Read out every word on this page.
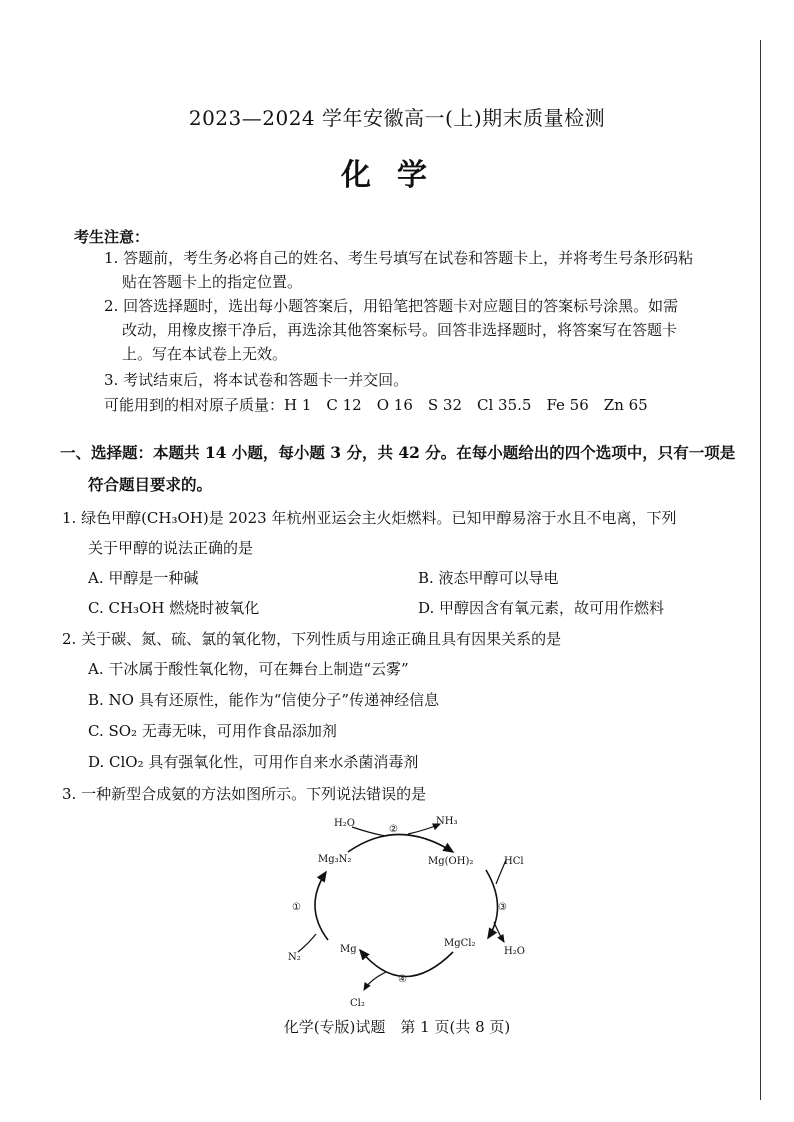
2023—2024 学年安徽高一(上)期末质量检测
化学
考生注意：
1. 答题前，考生务必将自己的姓名、考生号填写在试卷和答题卡上，并将考生号条形码粘
贴在答题卡上的指定位置。
2. 回答选择题时，选出每小题答案后，用铅笔把答题卡对应题目的答案标号涂黑。如需
改动，用橡皮擦干净后，再选涂其他答案标号。回答非选择题时，将答案写在答题卡
上。写在本试卷上无效。
3. 考试结束后，将本试卷和答题卡一并交回。
可能用到的相对原子质量：H 1　C 12　O 16　S 32　Cl 35.5　Fe 56　Zn 65
一、选择题：本题共 14 小题，每小题 3 分，共 42 分。在每小题给出的四个选项中，只有一项是
符合题目要求的。
1. 绿色甲醇(CH₃OH)是 2023 年杭州亚运会主火炬燃料。已知甲醇易溶于水且不电离，下列
关于甲醇的说法正确的是
A. 甲醇是一种碱	B. 液态甲醇可以导电
C. CH₃OH 燃烧时被氧化	D. 甲醇因含有氧元素，故可用作燃料
2. 关于碳、氮、硫、氯的氧化物，下列性质与用途正确且具有因果关系的是
A. 干冰属于酸性氧化物，可在舞台上制造“云雾”
B. NO 具有还原性，能作为“信使分子”传递神经信息
C. SO₂ 无毒无味，可用作食品添加剂
D. ClO₂ 具有强氧化性，可用作自来水杀菌消毒剂
3. 一种新型合成氨的方法如图所示。下列说法错误的是
H₂O
②
NH₃
Mg₃N₂	Mg(OH)₂	HCl
①	③
H₂O
N₂
Mg
MgCl₂
④
Cl₂
化学(专版)试题　第 1 页(共 8 页)
